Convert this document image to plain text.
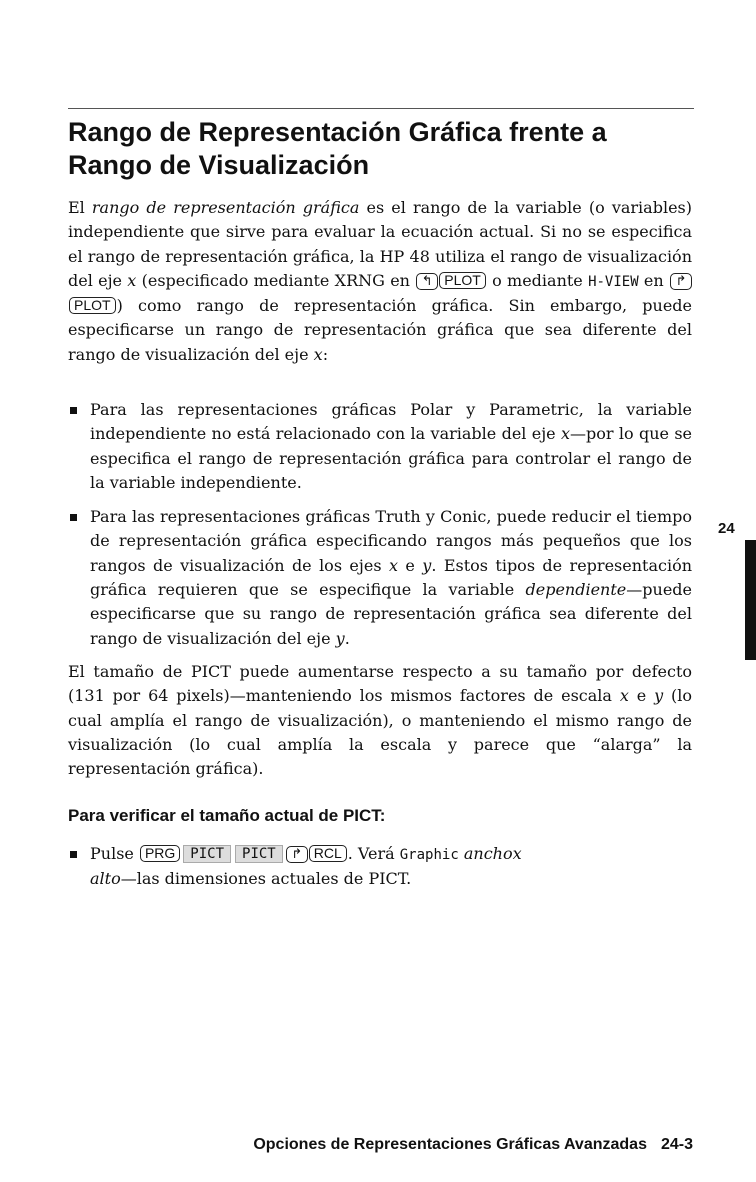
Rango de Representación Gráfica frente a
Rango de Visualización

El rango de representación gráfica es el rango de la variable (o variables) independiente que sirve para evaluar la ecuación actual. Si no se especifica el rango de representación gráfica, la HP 48 utiliza el rango de visualización del eje x (especificado mediante XRNG en ↰ PLOT o mediante H-VIEW en ↱PLOT ) como rango de representación gráfica. Sin embargo, puede especificarse un rango de representación gráfica que sea diferente del rango de visualización del eje x:

Para las representaciones gráficas Polar y Parametric, la variable independiente no está relacionado con la variable del eje x—por lo que se especifica el rango de representación gráfica para controlar el rango de la variable independiente.
Para las representaciones gráficas Truth y Conic, puede reducir el tiempo de representación gráfica especificando rangos más pequeños que los rangos de visualización de los ejes x e y. Estos tipos de representación gráfica requieren que se especifique la variable dependiente—puede especificarse que su rango de representación gráfica sea diferente del rango de visualización del eje y.

El tamaño de PICT puede aumentarse respecto a su tamaño por defecto (131 por 64 pixels)—manteniendo los mismos factores de escala x e y (lo cual amplía el rango de visualización), o manteniendo el mismo rango de visualización (lo cual amplía la escala y parece que “alarga” la representación gráfica).

Para verificar el tamaño actual de PICT:
Pulse PRG PICT PICT ↱ RCL . Verá Graphic anchox
alto—las dimensiones actuales de PICT.
24
Opciones de Representaciones Gráficas Avanzadas 24-3
